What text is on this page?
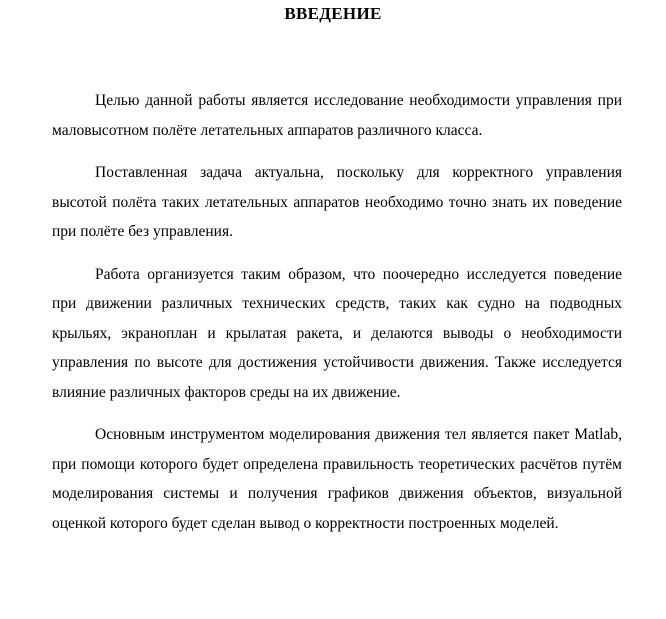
ВВЕДЕНИЕ

Целью данной работы является исследование необходимости управления при маловысотном полёте летательных аппаратов различного класса.

Поставленная задача актуальна, поскольку для корректного управления высотой полёта таких летательных аппаратов необходимо точно знать их поведение при полёте без управления.

Работа организуется таким образом, что поочередно исследуется поведение при движении различных технических средств, таких как судно на подводных крыльях, экраноплан и крылатая ракета, и делаются выводы о необходимости управления по высоте для достижения устойчивости движения. Также исследуется влияние различных факторов среды на их движение.

Основным инструментом моделирования движения тел является пакет Matlab, при помощи которого будет определена правильность теоретических расчётов путём моделирования системы и получения графиков движения объектов, визуальной оценкой которого будет сделан вывод о корректности построенных моделей.
